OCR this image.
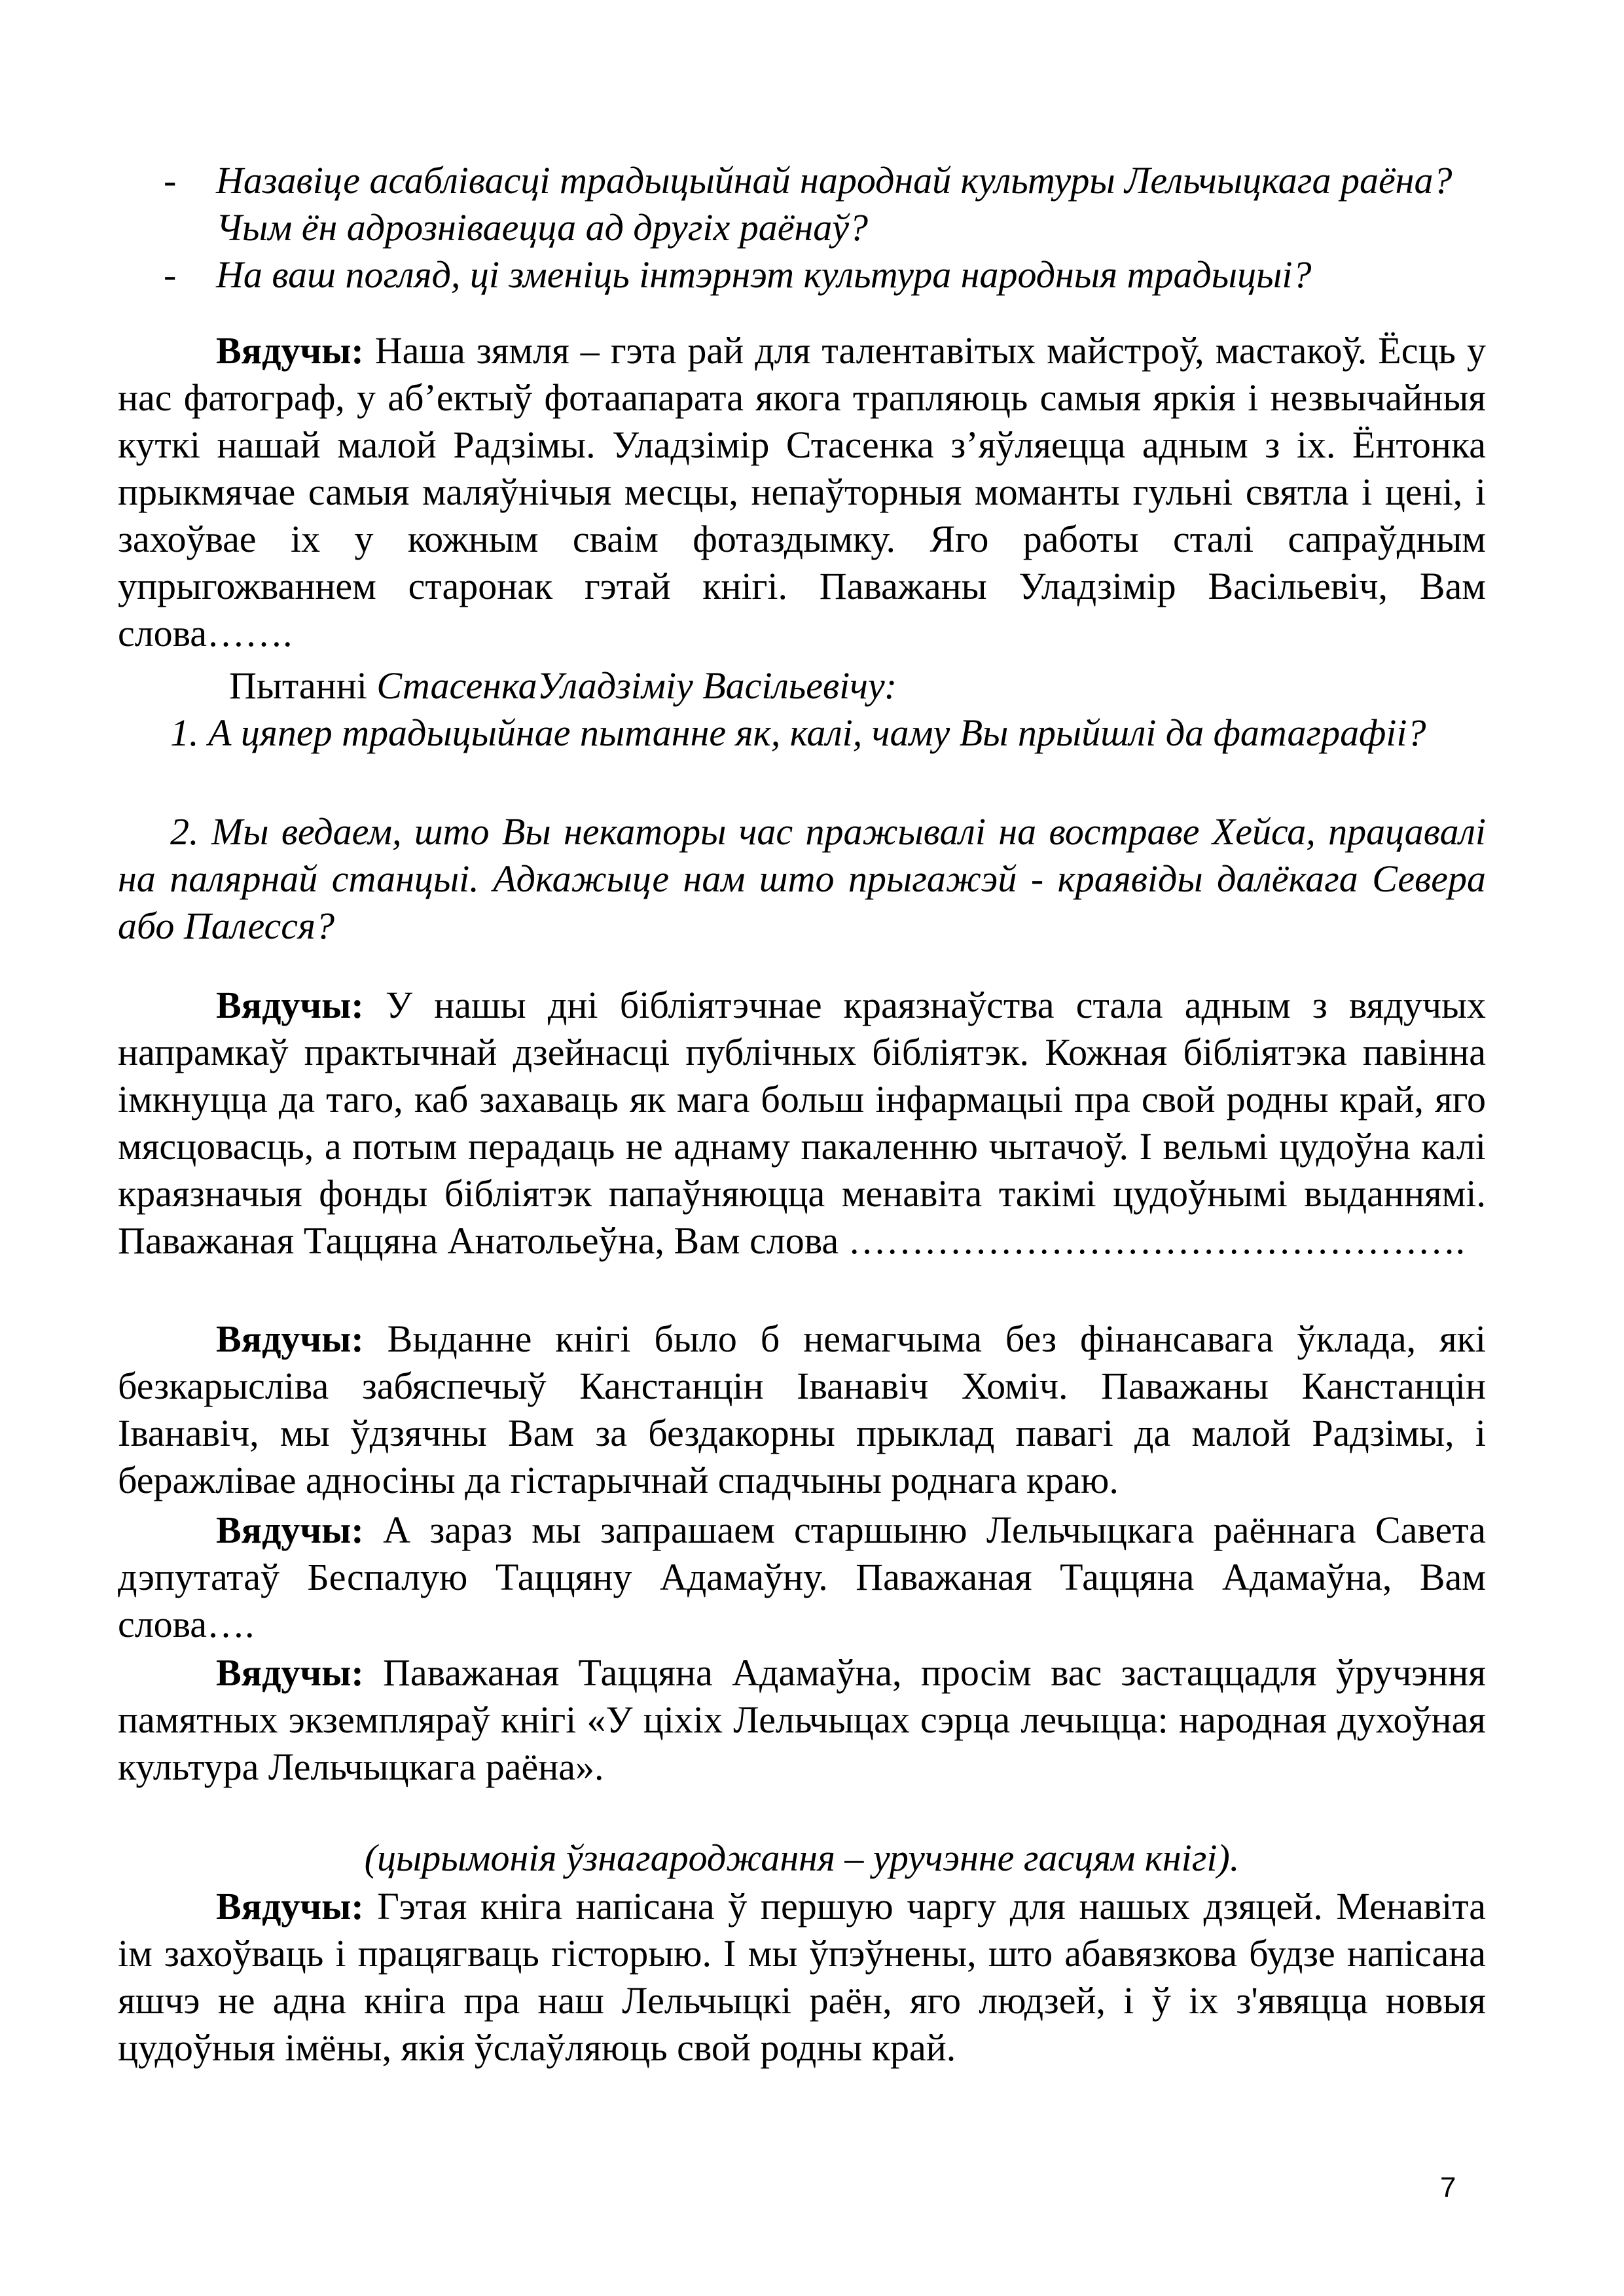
- Назавіце асаблівасці традыцыйнай народнай культуры Лельчыцкага раёна? Чым ён адрозніваецца ад другіх раёнаў?
- На ваш погляд, ці зменіць інтэрнэт культура народныя традыцыі?

Вядучы: Наша зямля – гэта рай для талентавітых майстроў, мастакоў. Ёсць у нас фатограф, у аб’ектыў фотаапарата якога трапляюць самыя яркія і незвычайныя куткі нашай малой Радзімы. Уладзімір Стасенка з’яўляецца адным з іх. Ёнтонка прыкмячае самыя маляўнічыя месцы, непаўторныя моманты гульні святла і цені, і захоўвае іх у кожным сваім фотаздымку. Яго работы сталі сапраўдным упрыгожваннем старонак гэтай кнігі. Паважаны Уладзімір Васільевіч, Вам слова…….

Пытанні СтасенкаУладзіміу Васільевічу:

1. А цяпер традыцыйнае пытанне як, калі, чаму Вы прыйшлі да фатаграфіі?

2. Мы ведаем, што Вы некаторы час пражывалі на востраве Хейса, працавалі на палярнай станцыі. Адкажыце нам што прыгажэй - краявіды далёкага Севера або Палесся?

Вядучы: У нашы дні бібліятэчнае краязнаўства стала адным з вядучых напрамкаў практычнай дзейнасці публічных бібліятэк. Кожная бібліятэка павінна імкнуцца да таго, каб захаваць як мага больш інфармацыі пра свой родны край, яго мясцовасць, а потым перадаць не аднаму пакаленню чытачоў. І вельмі цудоўна калі краязначыя фонды бібліятэк папаўняюцца менавіта такімі цудоўнымі выданнямі. Паважаная Таццяна Анатольеўна, Вам слова ………………………………………….

Вядучы: Выданне кнігі было б немагчыма без фінансавага ўклада, які безкарысліва забяспечыў Канстанцін Іванавіч Хоміч. Паважаны Канстанцін Іванавіч, мы ўдзячны Вам за бездакорны прыклад павагі да малой Радзімы, і беражлівае адносіны да гістарычнай спадчыны роднага краю.

Вядучы: А зараз мы запрашаем старшыню Лельчыцкага раённага Савета дэпутатаў Беспалую Таццяну Адамаўну. Паважаная Таццяна Адамаўна, Вам слова….

Вядучы: Паважаная Таццяна Адамаўна, просім вас застаццадля ўручэння памятных экземпляраў кнігі «У ціхіх Лельчыцах сэрца лечыцца: народная духоўная культура Лельчыцкага раёна».

(цырымонія ўзнагароджання – уручэнне гасцям кнігі).

Вядучы: Гэтая кніга напісана ў першую чаргу для нашых дзяцей. Менавіта ім захоўваць і працягваць гісторыю. І мы ўпэўнены, што абавязкова будзе напісана яшчэ не адна кніга пра наш Лельчыцкі раён, яго людзей, і ў іх з'явяцца новыя цудоўныя імёны, якія ўслаўляюць свой родны край.

7
